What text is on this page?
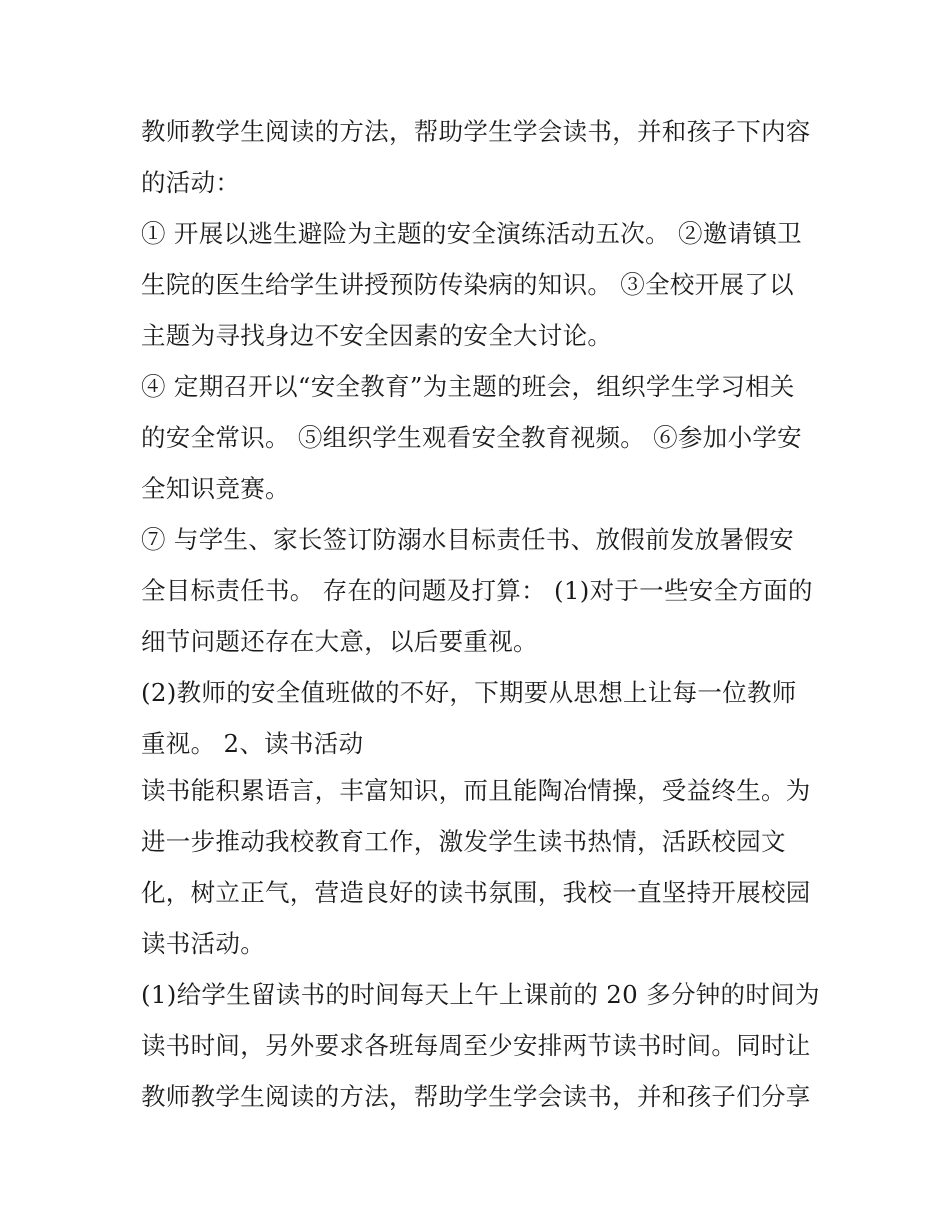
教师教学生阅读的方法，帮助学生学会读书，并和孩子下内容
的活动：
① 开展以逃生避险为主题的安全演练活动五次。 ②邀请镇卫
生院的医生给学生讲授预防传染病的知识。 ③全校开展了以
主题为寻找身边不安全因素的安全大讨论。
④ 定期召开以“安全教育”为主题的班会，组织学生学习相关
的安全常识。 ⑤组织学生观看安全教育视频。 ⑥参加小学安
全知识竞赛。
⑦ 与学生、家长签订防溺水目标责任书、放假前发放暑假安
全目标责任书。 存在的问题及打算： (1)对于一些安全方面的
细节问题还存在大意，以后要重视。
(2)教师的安全值班做的不好，下期要从思想上让每一位教师
重视。 2、读书活动
读书能积累语言，丰富知识，而且能陶冶情操，受益终生。为
进一步推动我校教育工作，激发学生读书热情，活跃校园文
化，树立正气，营造良好的读书氛围，我校一直坚持开展校园
读书活动。
(1)给学生留读书的时间每天上午上课前的 20 多分钟的时间为
读书时间，另外要求各班每周至少安排两节读书时间。同时让
教师教学生阅读的方法，帮助学生学会读书，并和孩子们分享
